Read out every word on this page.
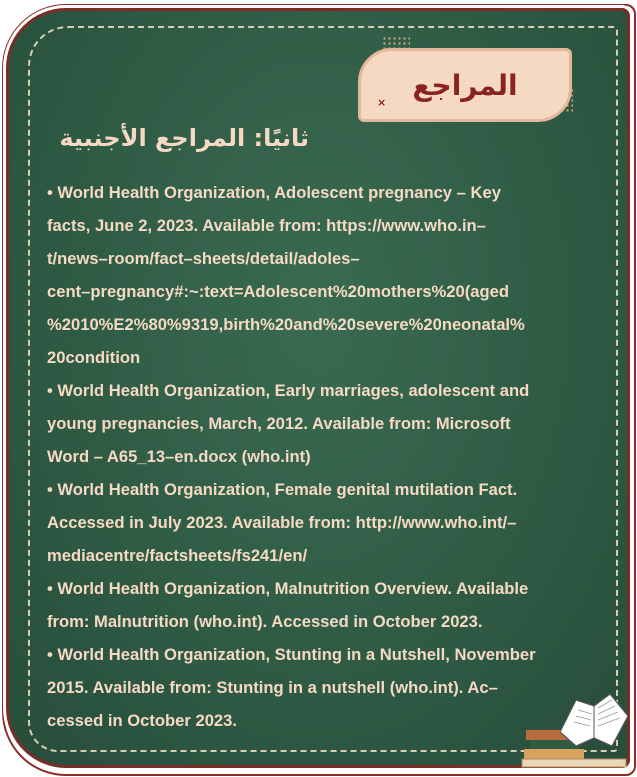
المراجع
×
ثانيًا: المراجع الأجنبية
• World Health Organization, Adolescent pregnancy – Key
facts, June 2, 2023. Available from: https://www.who.in–
t/news–room/fact–sheets/detail/adoles–
cent–pregnancy#:~:text=Adolescent%20mothers%20(aged
%2010%E2%80%9319,birth%20and%20severe%20neonatal%
20condition
• World Health Organization, Early marriages, adolescent and
young pregnancies, March, 2012. Available from: Microsoft
Word – A65_13–en.docx (who.int)
• World Health Organization, Female genital mutilation Fact.
Accessed in July 2023. Available from: http://www.who.int/–
mediacentre/factsheets/fs241/en/
• World Health Organization, Malnutrition Overview. Available
from: Malnutrition (who.int). Accessed in October 2023.
• World Health Organization, Stunting in a Nutshell, November
2015. Available from: Stunting in a nutshell (who.int). Ac–
cessed in October 2023.
